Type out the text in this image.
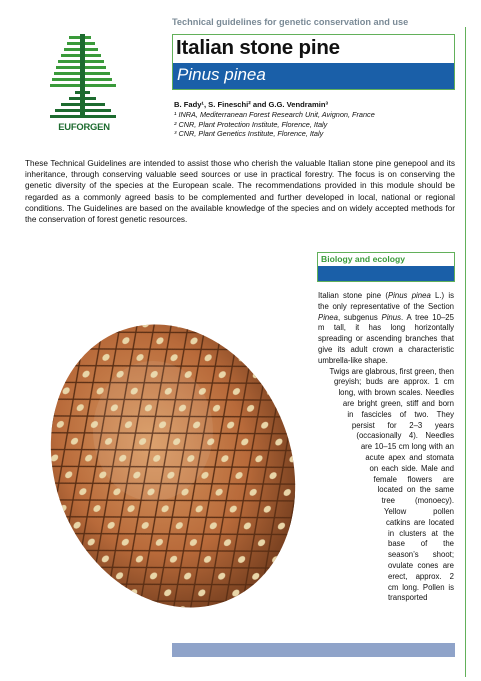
Technical guidelines for genetic conservation and use
Italian stone pine
Pinus pinea
EUFORGEN
B. Fady¹, S. Fineschi² and G.G. Vendramin³
¹ INRA, Mediterranean Forest Research Unit, Avignon, France
² CNR, Plant Protection Institute, Florence, Italy
³ CNR, Plant Genetics Institute, Florence, Italy
These Technical Guidelines are intended to assist those who cherish the valuable Italian stone pine genepool and its inheritance, through conserving valuable seed sources or use in practical forestry. The focus is on conserving the genetic diversity of the species at the European scale. The recommendations provided in this module should be regarded as a commonly agreed basis to be complemented and further developed in local, national or regional conditions. The Guidelines are based on the available knowledge of the species and on widely accepted methods for the conservation of forest genetic resources.
Biology and ecology

Italian stone pine (Pinus pinea L.) is the only representative of the Section Pinea, subgenus Pinus. A tree 10–25 m tall, it has long horizontally spreading or ascending branches that give its adult crown a characteristic umbrella-like shape.

Twigs are glabrous, first green, then greyish; buds are approx. 1 cm long, with brown scales. Needles are bright green, stiff and born in fascicles of two. They persist for 2–3 years (occasionally 4). Needles are 10–15 cm long with an acute apex and stomata on each side. Male and female flowers are located on the same tree (monoecy). Yellow pollen catkins are located in clusters at the base of the season’s shoot; ovulate cones are erect, approx. 2 cm long. Pollen is transported
